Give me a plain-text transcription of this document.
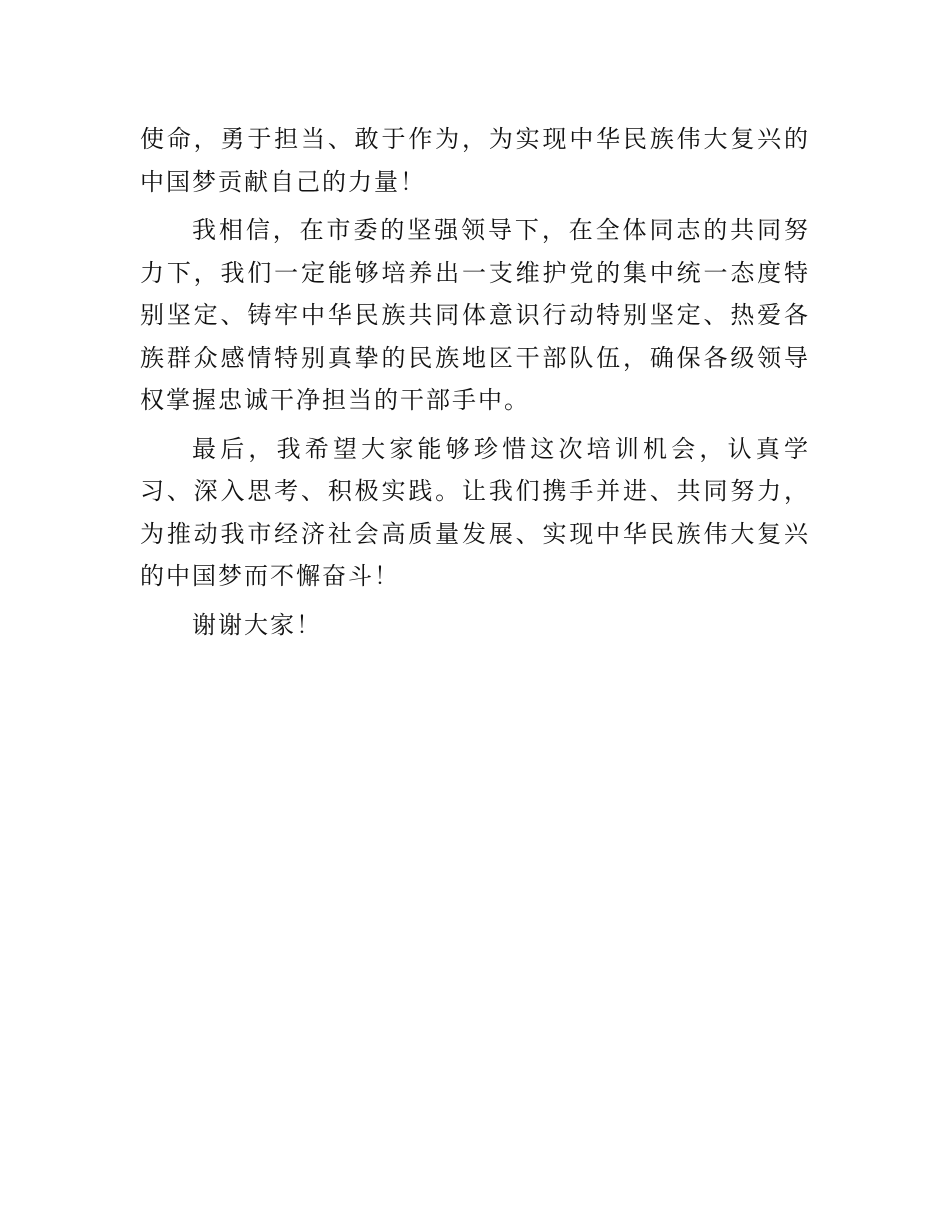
使命，勇于担当、敢于作为，为实现中华民族伟大复兴的中国梦贡献自己的力量！

我相信，在市委的坚强领导下，在全体同志的共同努力下，我们一定能够培养出一支维护党的集中统一态度特别坚定、铸牢中华民族共同体意识行动特别坚定、热爱各族群众感情特别真挚的民族地区干部队伍，确保各级领导权掌握忠诚干净担当的干部手中。

最后，我希望大家能够珍惜这次培训机会，认真学习、深入思考、积极实践。让我们携手并进、共同努力，为推动我市经济社会高质量发展、实现中华民族伟大复兴的中国梦而不懈奋斗！

谢谢大家！
